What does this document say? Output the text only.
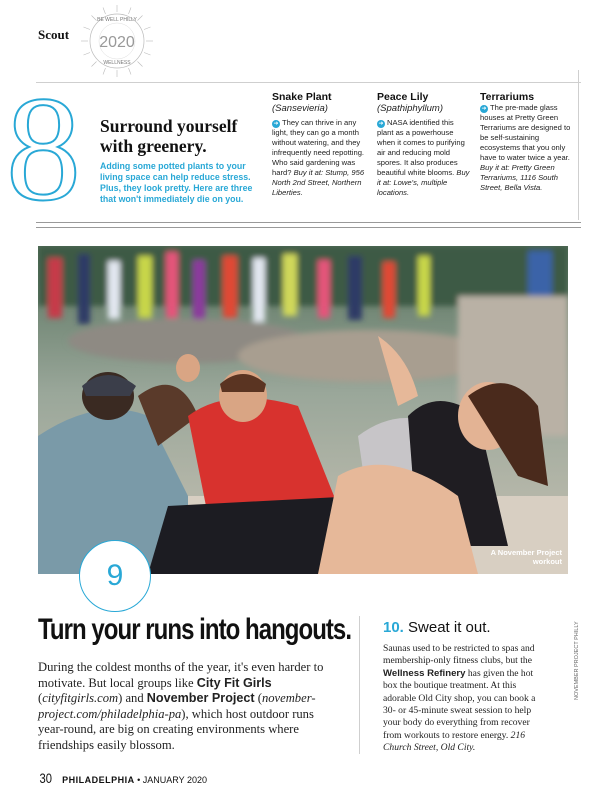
Scout
BE WELL PHILLY
2020
WELLNESS
8 Surround yourself with greenery.
Adding some potted plants to your living space can help reduce stress. Plus, they look pretty. Here are three that won't immediately die on you.
Snake Plant
(Sansevieria)
➜ They can thrive in any light, they can go a month without watering, and they infrequently need repotting. Who said gardening was hard? Buy it at: Stump, 956 North 2nd Street, Northern Liberties.
Peace Lily
(Spathiphyllum)
➜ NASA identified this plant as a powerhouse when it comes to purifying air and reducing mold spores. It also produces beautiful white blooms. Buy it at: Lowe's, multiple locations.
Terrariums
➜ The pre-made glass houses at Pretty Green Terrariums are designed to be self-sustaining ecosystems that you only have to water twice a year. Buy it at: Pretty Green Terrariums, 1116 South Street, Bella Vista.
A November Project workout
9
Turn your runs into hangouts.
During the coldest months of the year, it's even harder to motivate. But local groups like City Fit Girls (cityfitgirls.com) and November Project (november-project.com/philadelphia-pa), which host outdoor runs year-round, are big on creating environments where friendships easily blossom.
10. Sweat it out.
Saunas used to be restricted to spas and membership-only fitness clubs, but the Wellness Refinery has given the hot box the boutique treatment. At this adorable Old City shop, you can book a 30- or 45-minute sweat session to help your body do everything from recover from workouts to restore energy. 216 Church Street, Old City.
NOVEMBER PROJECT PHILLY
30 PHILADELPHIA • JANUARY 2020
